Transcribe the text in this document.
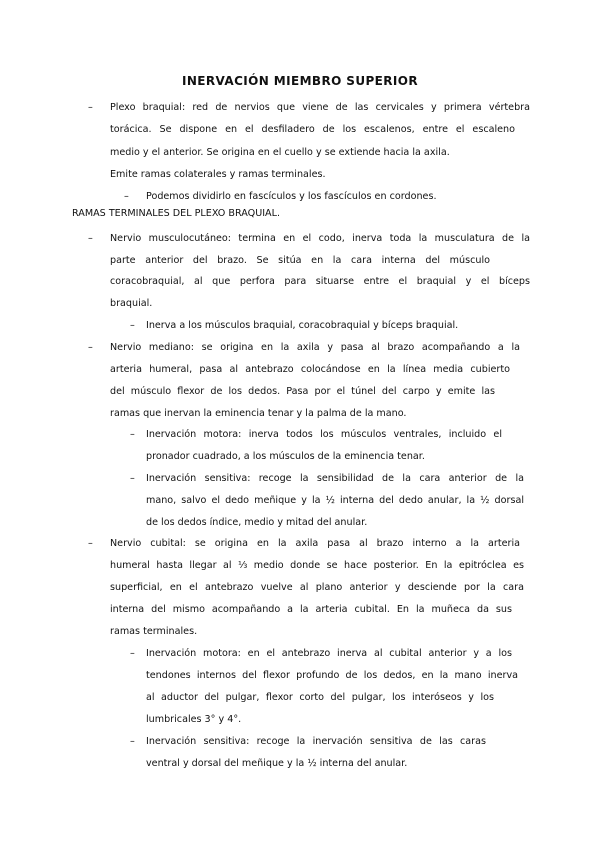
INERVACIÓN MIEMBRO SUPERIOR
– Plexo braquial: red de nervios que viene de las cervicales y primera vértebra
torácica. Se dispone en el desfiladero de los escalenos, entre el escaleno
medio y el anterior. Se origina en el cuello y se extiende hacia la axila.
Emite ramas colaterales y ramas terminales.
– Podemos dividirlo en fascículos y los fascículos en cordones.
RAMAS TERMINALES DEL PLEXO BRAQUIAL.
– Nervio musculocutáneo: termina en el codo, inerva toda la musculatura de la
parte anterior del brazo. Se sitúa en la cara interna del músculo
coracobraquial, al que perfora para situarse entre el braquial y el bíceps
braquial.
– Inerva a los músculos braquial, coracobraquial y bíceps braquial.
– Nervio mediano: se origina en la axila y pasa al brazo acompañando a la
arteria humeral, pasa al antebrazo colocándose en la línea media cubierto
del músculo flexor de los dedos. Pasa por el túnel del carpo y emite las
ramas que inervan la eminencia tenar y la palma de la mano.
– Inervación motora: inerva todos los músculos ventrales, incluido el
pronador cuadrado, a los músculos de la eminencia tenar.
– Inervación sensitiva: recoge la sensibilidad de la cara anterior de la
mano, salvo el dedo meñique y la ½ interna del dedo anular, la ½ dorsal
de los dedos índice, medio y mitad del anular.
– Nervio cubital: se origina en la axila pasa al brazo interno a la arteria
humeral hasta llegar al ⅓ medio donde se hace posterior. En la epitróclea es
superficial, en el antebrazo vuelve al plano anterior y desciende por la cara
interna del mismo acompañando a la arteria cubital. En la muñeca da sus
ramas terminales.
– Inervación motora: en el antebrazo inerva al cubital anterior y a los
tendones internos del flexor profundo de los dedos, en la mano inerva
al aductor del pulgar, flexor corto del pulgar, los interóseos y los
lumbricales 3° y 4°.
– Inervación sensitiva: recoge la inervación sensitiva de las caras
ventral y dorsal del meñique y la ½ interna del anular.
